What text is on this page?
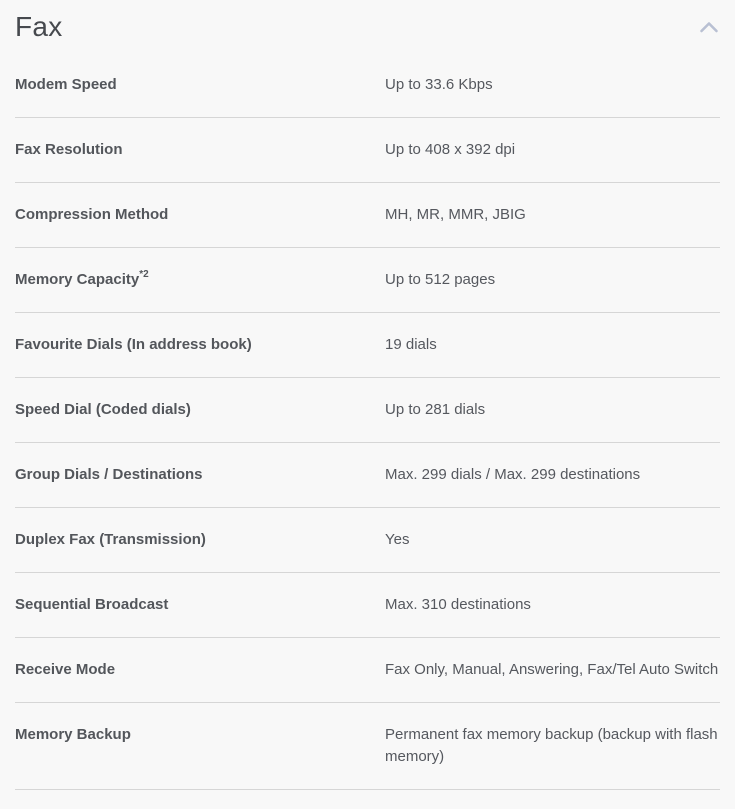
Fax
Modem Speed	Up to 33.6 Kbps
Fax Resolution	Up to 408 x 392 dpi
Compression Method	MH, MR, MMR, JBIG
Memory Capacity$^{*2}$	Up to 512 pages
Favourite Dials (In address book)	19 dials
Speed Dial (Coded dials)	Up to 281 dials
Group Dials / Destinations	Max. 299 dials / Max. 299 destinations
Duplex Fax (Transmission)	Yes
Sequential Broadcast	Max. 310 destinations
Receive Mode	Fax Only, Manual, Answering, Fax/Tel Auto Switch
Memory Backup	Permanent fax memory backup (backup with flash memory)
